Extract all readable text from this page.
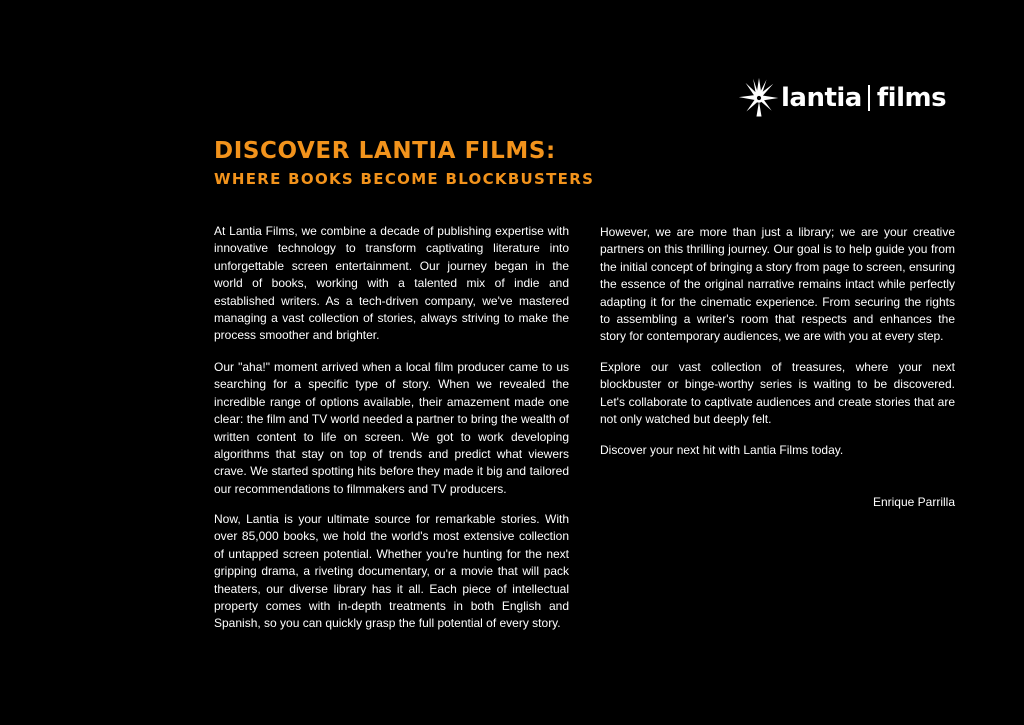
lantia films
DISCOVER LANTIA FILMS:
WHERE BOOKS BECOME BLOCKBUSTERS

At Lantia Films, we combine a decade of publishing expertise with innovative technology to transform captivating literature into unforgettable screen entertainment. Our journey began in the world of books, working with a talented mix of indie and established writers. As a tech-driven company, we've mastered managing a vast collection of stories, always striving to make the process smoother and brighter.

Our "aha!" moment arrived when a local film producer came to us searching for a specific type of story. When we revealed the incredible range of options available, their amazement made one clear: the film and TV world needed a partner to bring the wealth of written content to life on screen. We got to work developing algorithms that stay on top of trends and predict what viewers crave. We started spotting hits before they made it big and tailored our recommendations to filmmakers and TV producers.

Now, Lantia is your ultimate source for remarkable stories. With over 85,000 books, we hold the world's most extensive collection of untapped screen potential. Whether you're hunting for the next gripping drama, a riveting documentary, or a movie that will pack theaters, our diverse library has it all. Each piece of intellectual property comes with in-depth treatments in both English and Spanish, so you can quickly grasp the full potential of every story.

However, we are more than just a library; we are your creative partners on this thrilling journey. Our goal is to help guide you from the initial concept of bringing a story from page to screen, ensuring the essence of the original narrative remains intact while perfectly adapting it for the cinematic experience. From securing the rights to assembling a writer's room that respects and enhances the story for contemporary audiences, we are with you at every step.

Explore our vast collection of treasures, where your next blockbuster or binge-worthy series is waiting to be discovered. Let's collaborate to captivate audiences and create stories that are not only watched but deeply felt.

Discover your next hit with Lantia Films today.

Enrique Parrilla
